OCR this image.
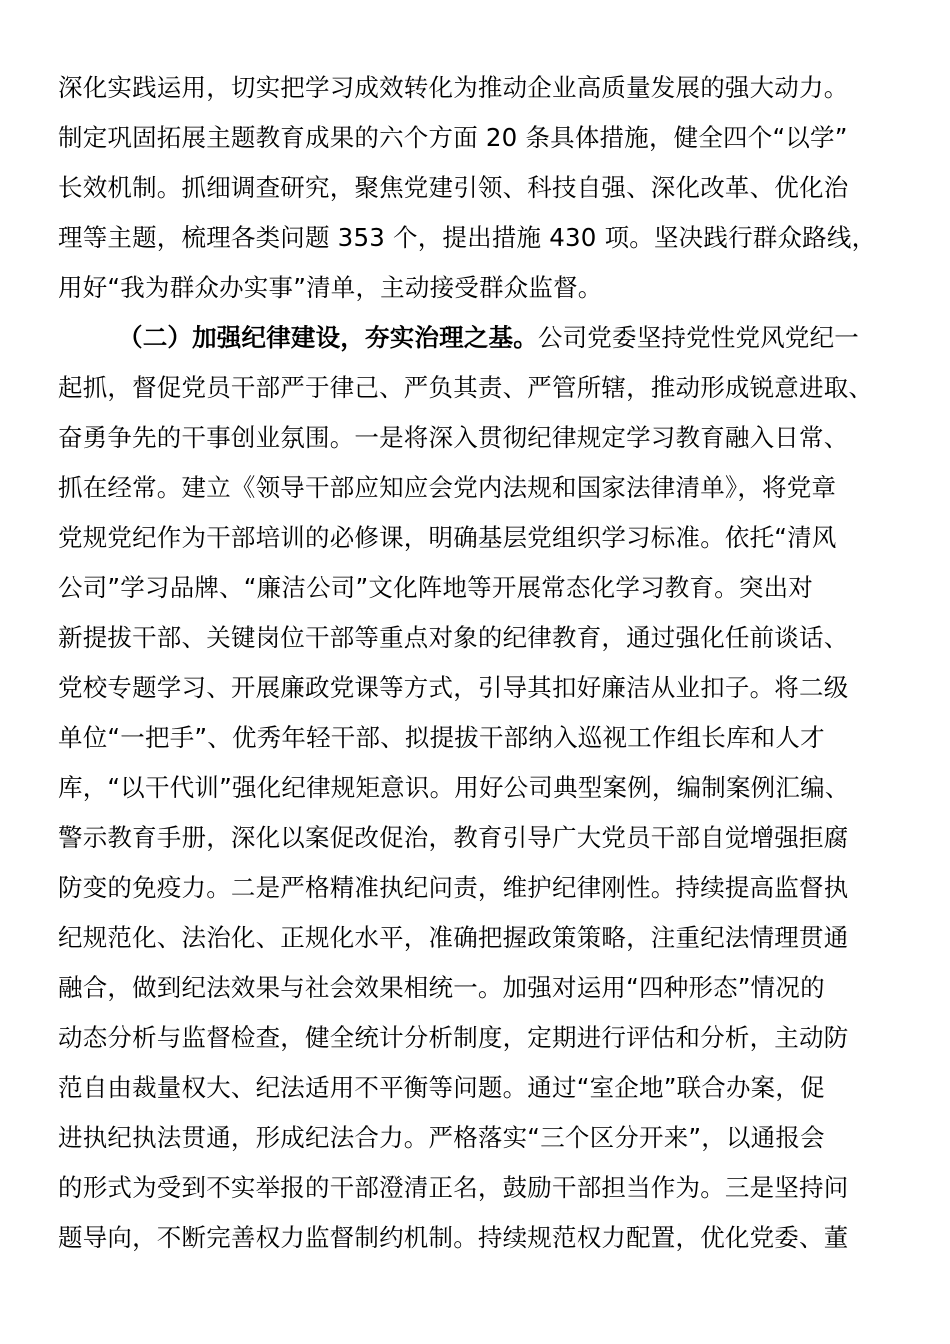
深化实践运用，切实把学习成效转化为推动企业高质量发展的强大动力。
制定巩固拓展主题教育成果的六个方面 20 条具体措施，健全四个“以学”
长效机制。抓细调查研究，聚焦党建引领、科技自强、深化改革、优化治
理等主题，梳理各类问题 353 个，提出措施 430 项。坚决践行群众路线，
用好“我为群众办实事”清单，主动接受群众监督。
（二）加强纪律建设，夯实治理之基。公司党委坚持党性党风党纪一
起抓，督促党员干部严于律己、严负其责、严管所辖，推动形成锐意进取、
奋勇争先的干事创业氛围。一是将深入贯彻纪律规定学习教育融入日常、
抓在经常。建立《领导干部应知应会党内法规和国家法律清单》，将党章
党规党纪作为干部培训的必修课，明确基层党组织学习标准。依托“清风
公司”学习品牌、“廉洁公司”文化阵地等开展常态化学习教育。突出对
新提拔干部、关键岗位干部等重点对象的纪律教育，通过强化任前谈话、
党校专题学习、开展廉政党课等方式，引导其扣好廉洁从业扣子。将二级
单位“一把手”、优秀年轻干部、拟提拔干部纳入巡视工作组长库和人才
库，“以干代训”强化纪律规矩意识。用好公司典型案例，编制案例汇编、
警示教育手册，深化以案促改促治，教育引导广大党员干部自觉增强拒腐
防变的免疫力。二是严格精准执纪问责，维护纪律刚性。持续提高监督执
纪规范化、法治化、正规化水平，准确把握政策策略，注重纪法情理贯通
融合，做到纪法效果与社会效果相统一。加强对运用“四种形态”情况的
动态分析与监督检查，健全统计分析制度，定期进行评估和分析，主动防
范自由裁量权大、纪法适用不平衡等问题。通过“室企地”联合办案，促
进执纪执法贯通，形成纪法合力。严格落实“三个区分开来”，以通报会
的形式为受到不实举报的干部澄清正名，鼓励干部担当作为。三是坚持问
题导向，不断完善权力监督制约机制。持续规范权力配置，优化党委、董
